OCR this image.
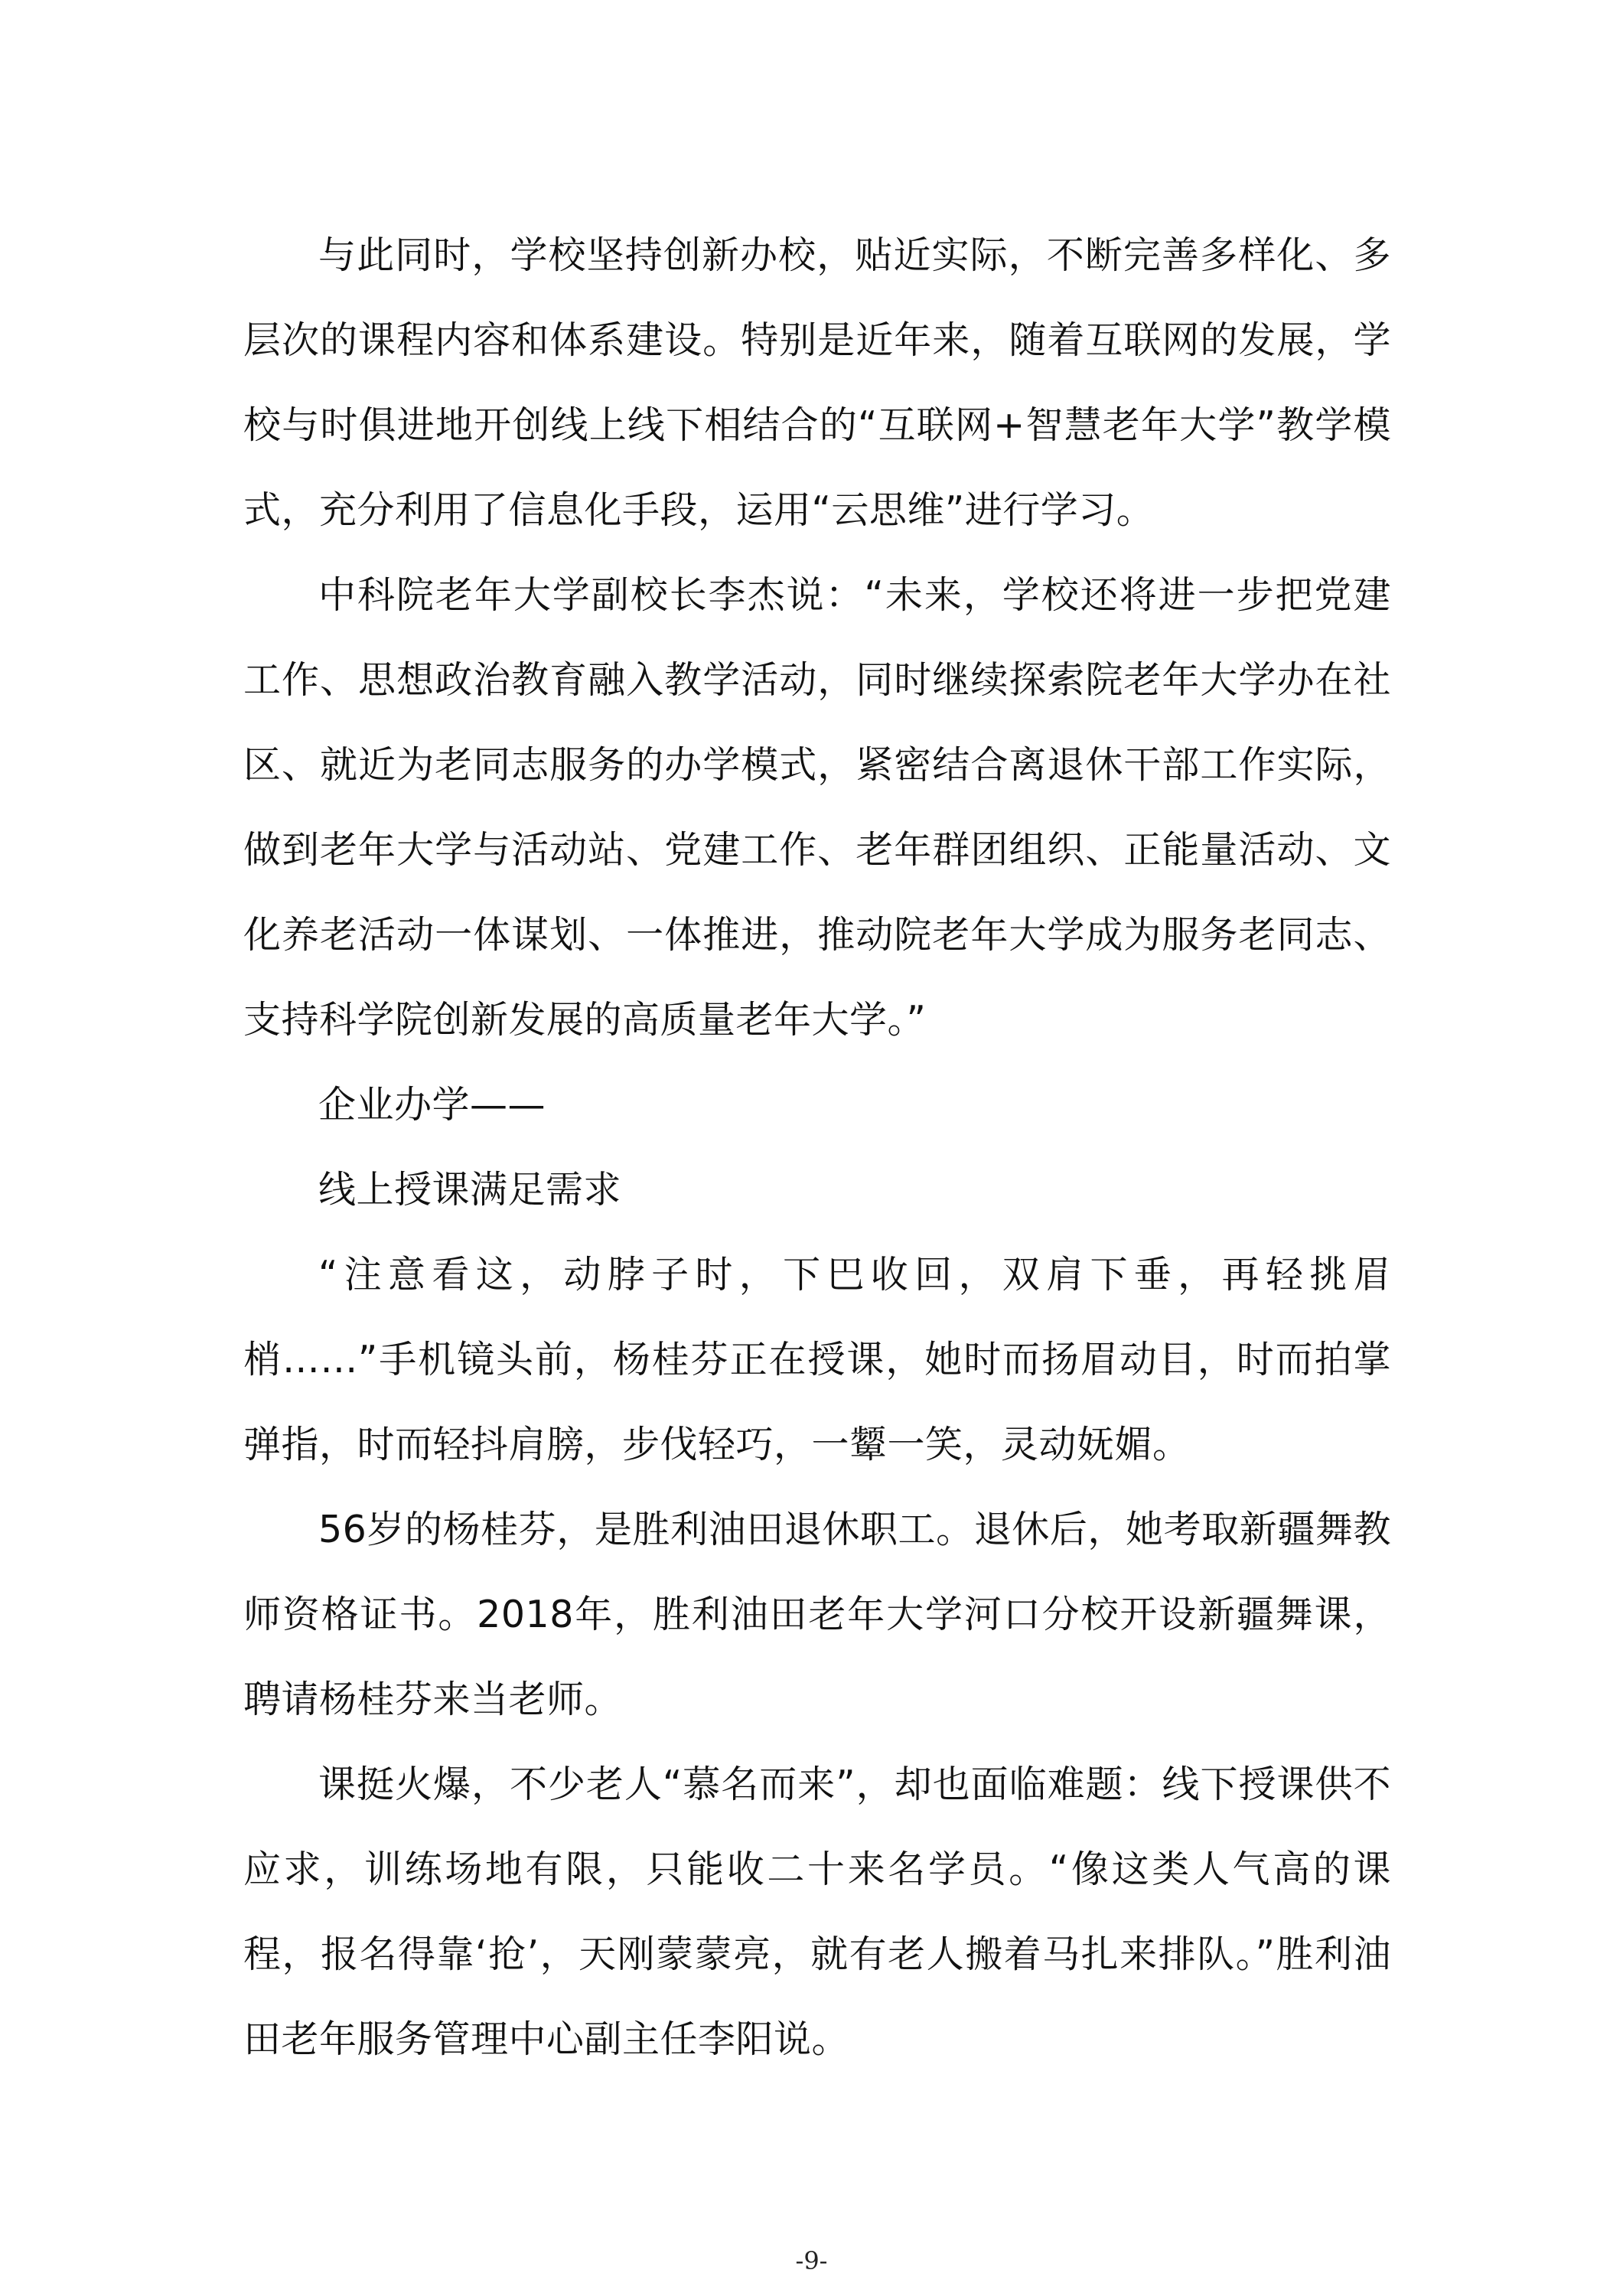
与此同时，学校坚持创新办校，贴近实际，不断完善多样化、多层次的课程内容和体系建设。特别是近年来，随着互联网的发展，学校与时俱进地开创线上线下相结合的“互联网+智慧老年大学”教学模式，充分利用了信息化手段，运用“云思维”进行学习。

中科院老年大学副校长李杰说：“未来，学校还将进一步把党建工作、思想政治教育融入教学活动，同时继续探索院老年大学办在社区、就近为老同志服务的办学模式，紧密结合离退休干部工作实际，做到老年大学与活动站、党建工作、老年群团组织、正能量活动、文化养老活动一体谋划、一体推进，推动院老年大学成为服务老同志、支持科学院创新发展的高质量老年大学。”

企业办学——

线上授课满足需求

“注意看这，动脖子时，下巴收回，双肩下垂，再轻挑眉梢……”手机镜头前，杨桂芬正在授课，她时而扬眉动目，时而拍掌弹指，时而轻抖肩膀，步伐轻巧，一颦一笑，灵动妩媚。

56岁的杨桂芬，是胜利油田退休职工。退休后，她考取新疆舞教师资格证书。2018年，胜利油田老年大学河口分校开设新疆舞课，聘请杨桂芬来当老师。

课挺火爆，不少老人“慕名而来”，却也面临难题：线下授课供不应求，训练场地有限，只能收二十来名学员。“像这类人气高的课程，报名得靠‘抢’，天刚蒙蒙亮，就有老人搬着马扎来排队。”胜利油田老年服务管理中心副主任李阳说。

-9-
